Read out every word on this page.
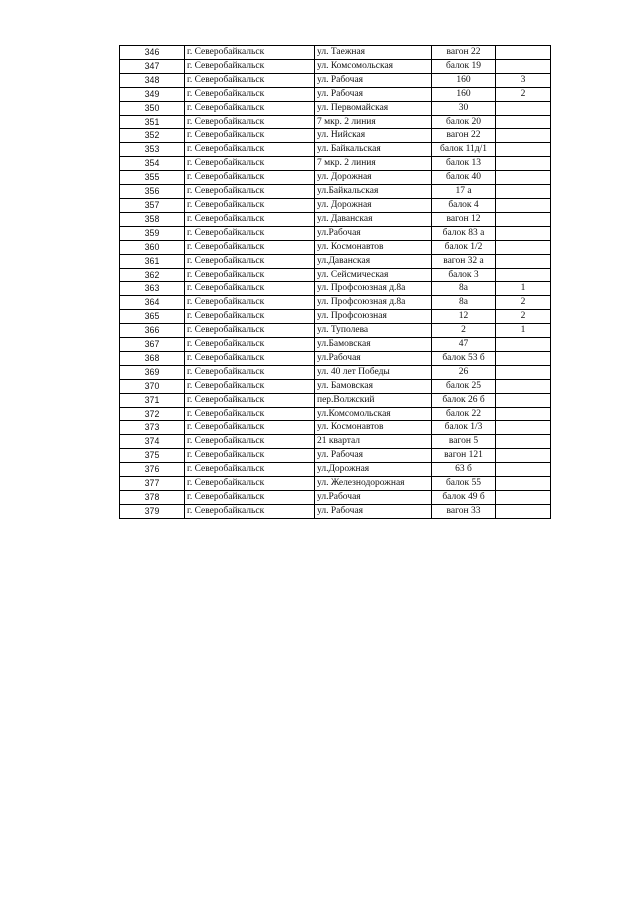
346	г. Северобайкальск	ул. Таежная	вагон 22	
347	г. Северобайкальск	ул. Комсомольская	балок 19	
348	г. Северобайкальск	ул. Рабочая	160	3
349	г. Северобайкальск	ул. Рабочая	160	2
350	г. Северобайкальск	ул. Первомайская	30	
351	г. Северобайкальск	7 мкр. 2 линия	балок 20	
352	г. Северобайкальск	ул. Нийская	вагон 22	
353	г. Северобайкальск	ул. Байкальская	балок 11д/1	
354	г. Северобайкальск	7 мкр. 2 линия	балок 13	
355	г. Северобайкальск	ул. Дорожная	балок 40	
356	г. Северобайкальск	ул.Байкальская	17 а	
357	г. Северобайкальск	ул. Дорожная	балок 4	
358	г. Северобайкальск	ул. Даванская	вагон 12	
359	г. Северобайкальск	ул.Рабочая	балок 83 а	
360	г. Северобайкальск	ул. Космонавтов	балок 1/2	
361	г. Северобайкальск	ул.Даванская	вагон 32 а	
362	г. Северобайкальск	ул. Сейсмическая	балок 3	
363	г. Северобайкальск	ул. Профсоюзная д.8а	8а	1
364	г. Северобайкальск	ул. Профсоюзная д.8а	8а	2
365	г. Северобайкальск	ул. Профсоюзная	12	2
366	г. Северобайкальск	ул. Туполева	2	1
367	г. Северобайкальск	ул.Бамовская	47	
368	г. Северобайкальск	ул.Рабочая	балок 53 б	
369	г. Северобайкальск	ул. 40 лет Победы	26	
370	г. Северобайкальск	ул. Бамовская	балок 25	
371	г. Северобайкальск	пер.Волжский	балок 26 б	
372	г. Северобайкальск	ул.Комсомольская	балок 22	
373	г. Северобайкальск	ул. Космонавтов	балок 1/3	
374	г. Северобайкальск	21 квартал	вагон 5	
375	г. Северобайкальск	ул. Рабочая	вагон 121	
376	г. Северобайкальск	ул.Дорожная	63 б	
377	г. Северобайкальск	ул. Железнодорожная	балок 55	
378	г. Северобайкальск	ул.Рабочая	балок 49 б	
379	г. Северобайкальск	ул. Рабочая	вагон 33	
